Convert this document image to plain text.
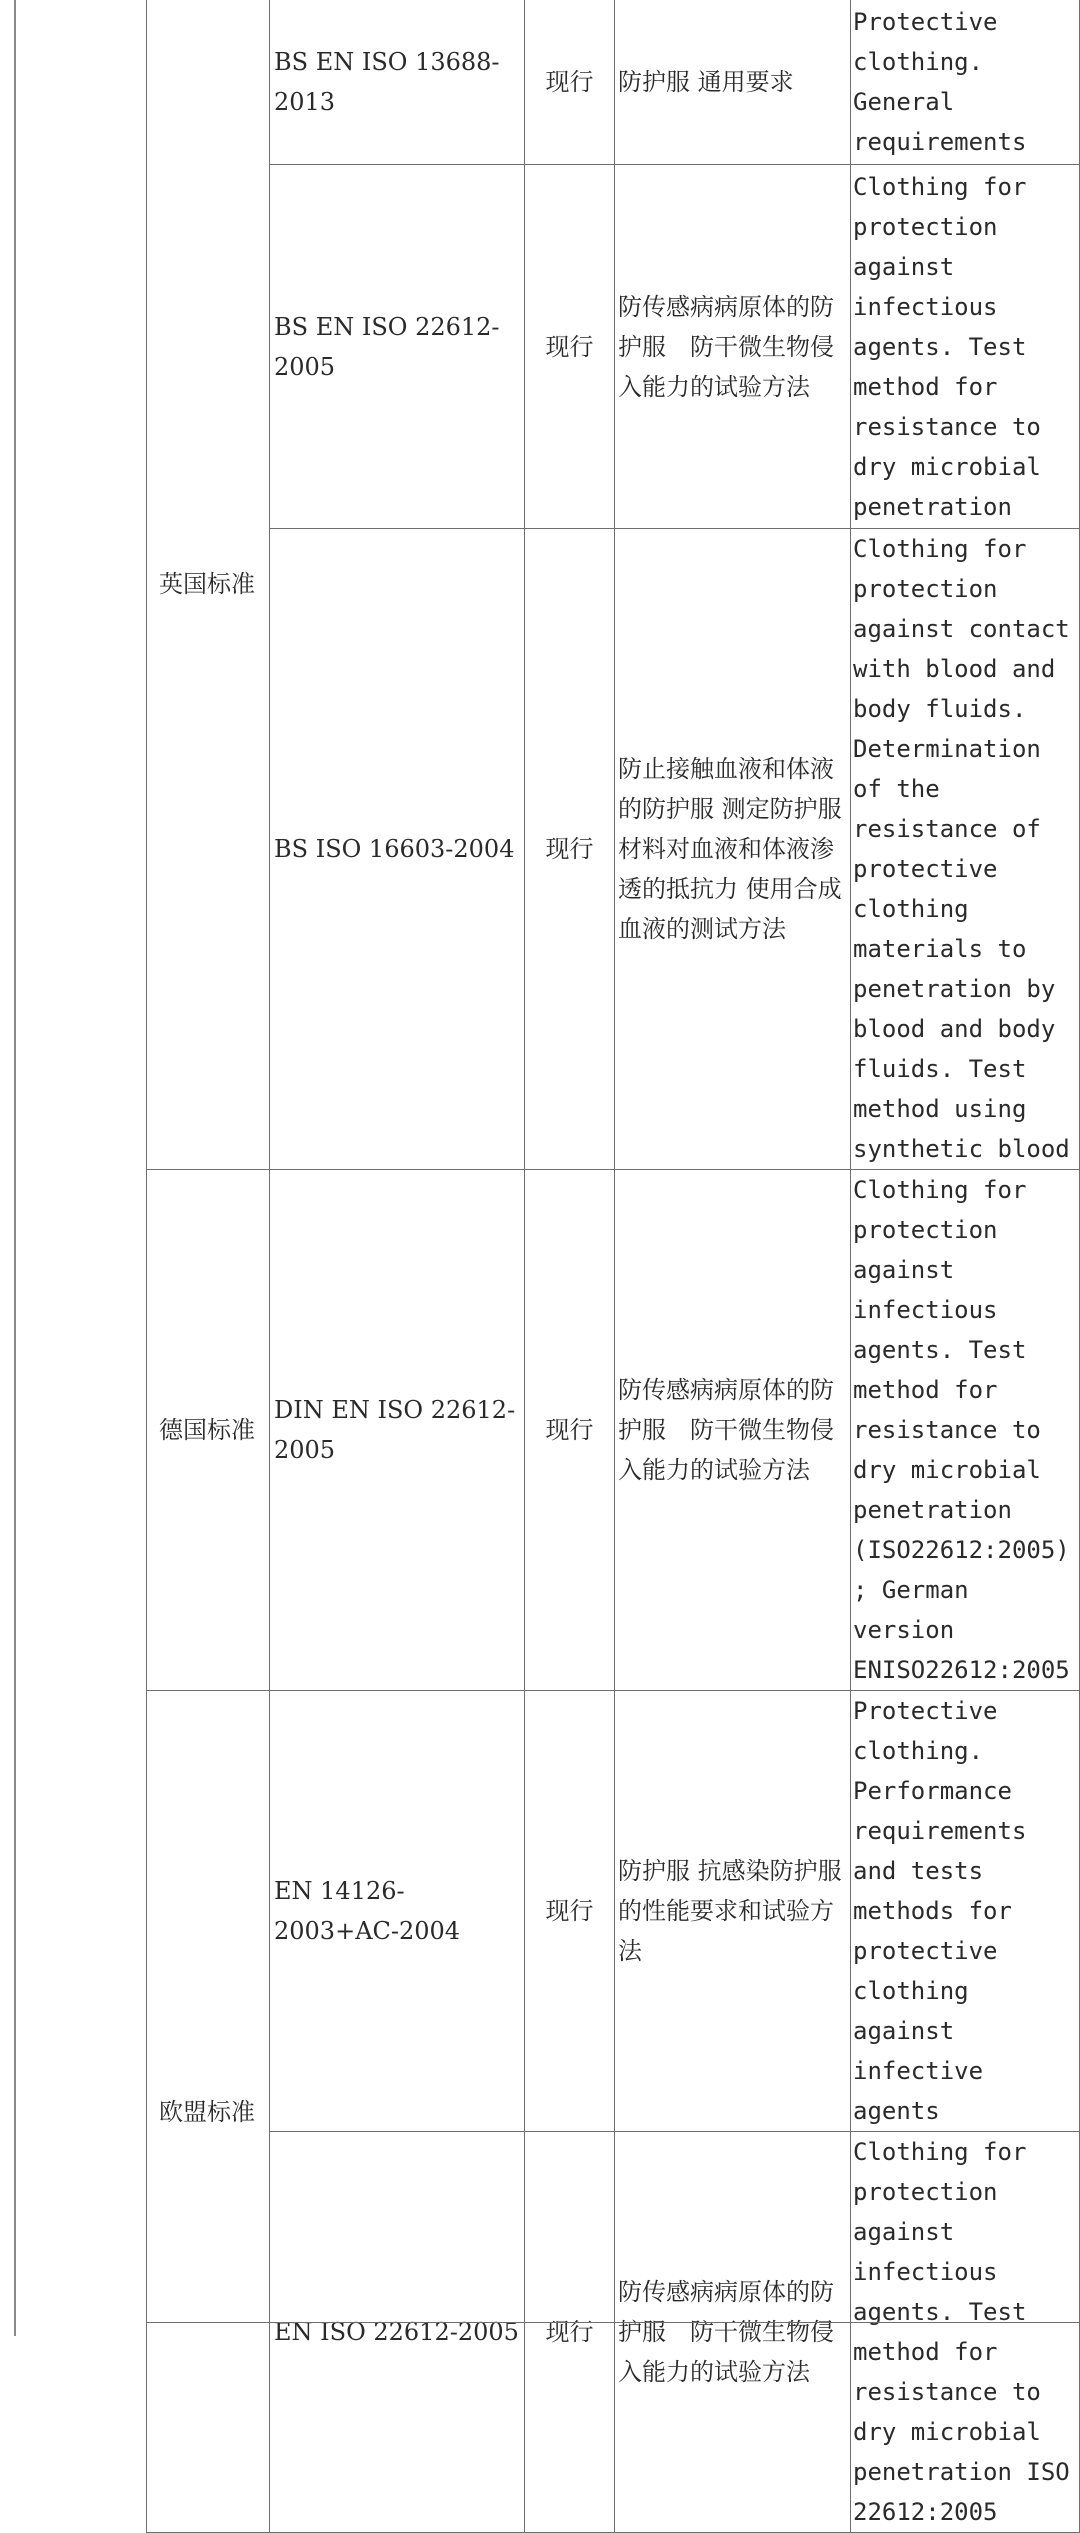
英国标准	BS EN ISO 13688-2013	现行	防护服 通用要求	Protective clothing. General requirements
	BS EN ISO 22612-2005	现行	防传感病病原体的防护服　防干微生物侵入能力的试验方法	Clothing for protection against infectious agents. Test method for resistance to dry microbial penetration
	BS ISO 16603-2004	现行	防止接触血液和体液的防护服 测定防护服材料对血液和体液渗透的抵抗力 使用合成血液的测试方法	Clothing for protection against contact with blood and body fluids. Determination of the resistance of protective clothing materials to penetration by blood and body fluids. Test method using synthetic blood
德国标准	DIN EN ISO 22612-2005	现行	防传感病病原体的防护服　防干微生物侵入能力的试验方法	Clothing for protection against infectious agents. Test method for resistance to dry microbial penetration (ISO22612:2005); German version ENISO22612:2005
欧盟标准	EN 14126-2003+AC-2004	现行	防护服 抗感染防护服的性能要求和试验方法	Protective clothing. Performance requirements and tests methods for protective clothing against infective agents
	EN ISO 22612-2005	现行	防传感病病原体的防护服　防干微生物侵入能力的试验方法	Clothing for protection against infectious agents. Test method for resistance to dry microbial penetration ISO 22612:2005
